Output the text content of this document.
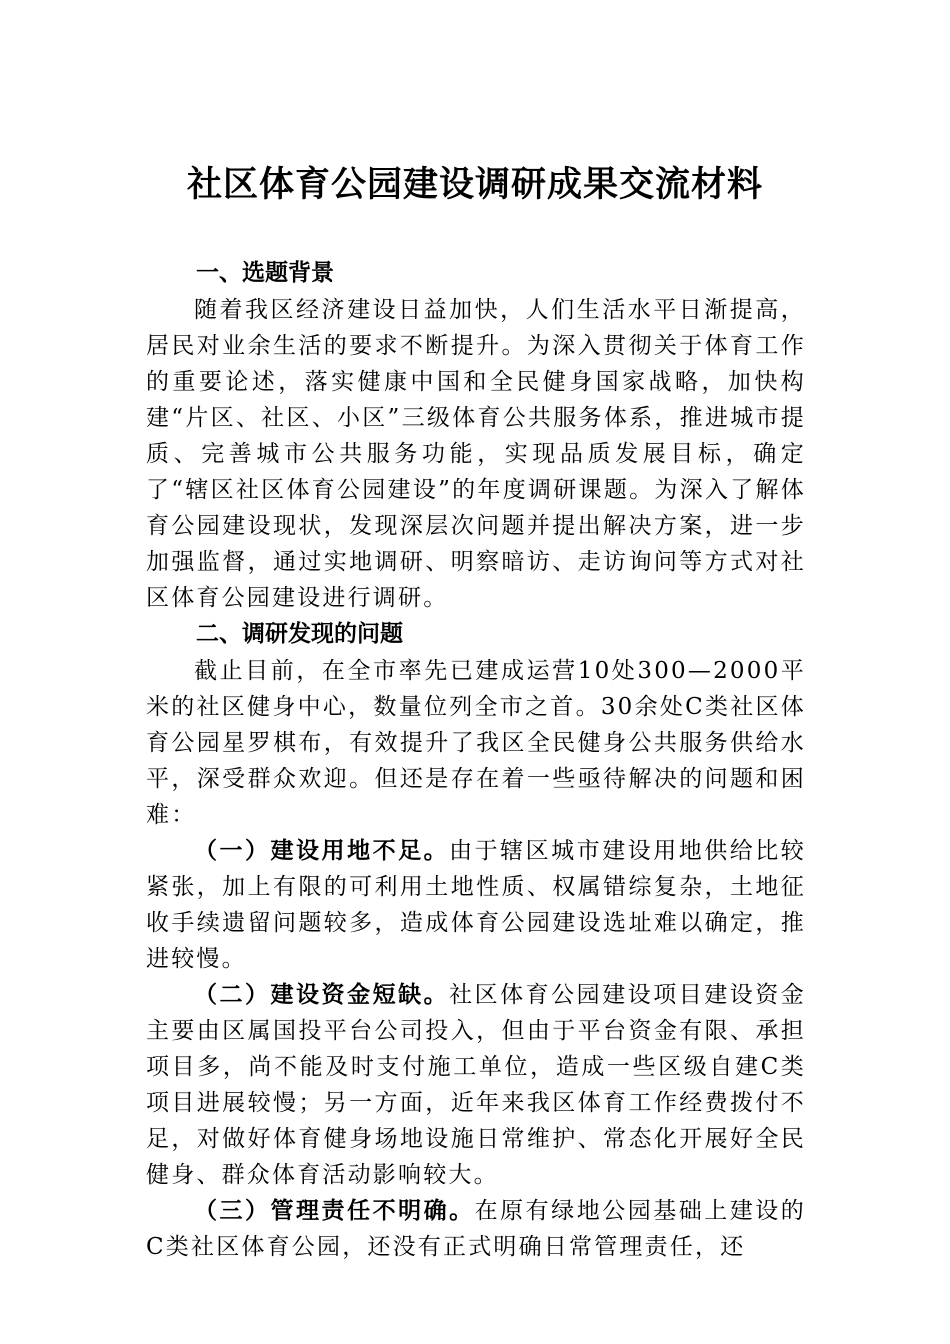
社区体育公园建设调研成果交流材料
一、选题背景

随着我区经济建设日益加快，人们生活水平日渐提高，居民对业余生活的要求不断提升。为深入贯彻关于体育工作的重要论述，落实健康中国和全民健身国家战略，加快构建“片区、社区、小区”三级体育公共服务体系，推进城市提质、完善城市公共服务功能，实现品质发展目标，确定了“辖区社区体育公园建设”的年度调研课题。为深入了解体育公园建设现状，发现深层次问题并提出解决方案，进一步加强监督，通过实地调研、明察暗访、走访询问等方式对社区体育公园建设进行调研。

二、调研发现的问题

截止目前，在全市率先已建成运营10处300—2000平米的社区健身中心，数量位列全市之首。30余处C类社区体育公园星罗棋布，有效提升了我区全民健身公共服务供给水平，深受群众欢迎。但还是存在着一些亟待解决的问题和困难：

（一）建设用地不足。由于辖区城市建设用地供给比较紧张，加上有限的可利用土地性质、权属错综复杂，土地征收手续遗留问题较多，造成体育公园建设选址难以确定，推进较慢。

（二）建设资金短缺。社区体育公园建设项目建设资金主要由区属国投平台公司投入，但由于平台资金有限、承担项目多，尚不能及时支付施工单位，造成一些区级自建C类项目进展较慢；另一方面，近年来我区体育工作经费拨付不足，对做好体育健身场地设施日常维护、常态化开展好全民健身、群众体育活动影响较大。

（三）管理责任不明确。在原有绿地公园基础上建设的C类社区体育公园，还没有正式明确日常管理责任，还
